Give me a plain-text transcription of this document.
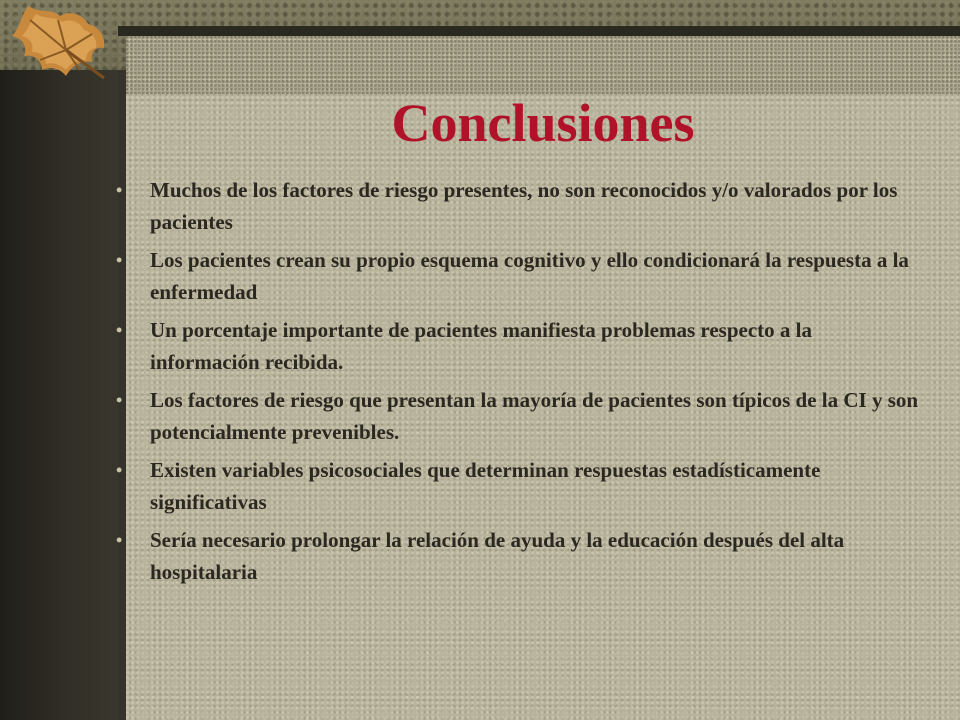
Conclusiones
• Muchos de los factores de riesgo presentes, no son reconocidos y/o valorados por los pacientes
• Los pacientes crean su propio esquema cognitivo y ello condicionará la respuesta a la enfermedad
• Un porcentaje importante de pacientes manifiesta problemas respecto a la información recibida.
• Los factores de riesgo que presentan la mayoría de pacientes son típicos de la CI y son potencialmente prevenibles.
• Existen variables psicosociales que determinan respuestas estadísticamente significativas
• Sería necesario prolongar la relación de ayuda y la educación después del alta hospitalaria
